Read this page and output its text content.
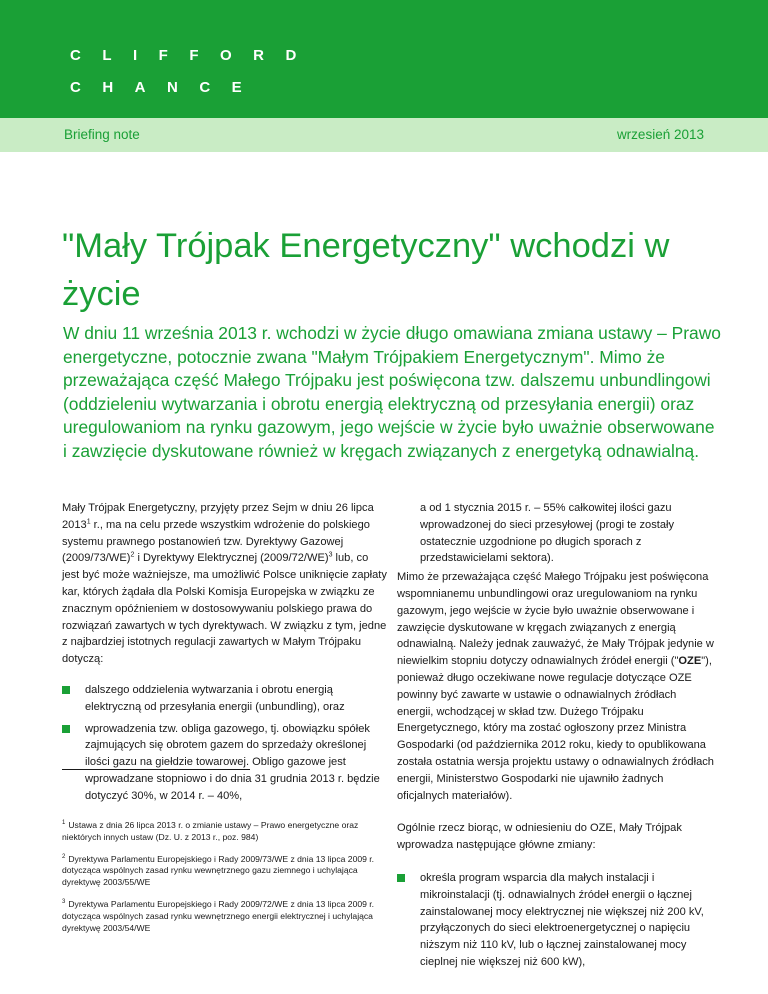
CLIFFORD
CHANCE
Briefing note	wrzesień 2013
"Mały Trójpak Energetyczny" wchodzi w życie

W dniu 11 września 2013 r. wchodzi w życie długo omawiana zmiana ustawy – Prawo energetyczne, potocznie zwana "Małym Trójpakiem Energetycznym". Mimo że przeważająca część Małego Trójpaku jest poświęcona tzw. dalszemu unbundlingowi (oddzieleniu wytwarzania i obrotu energią elektryczną od przesyłania energii) oraz uregulowaniom na rynku gazowym, jego wejście w życie było uważnie obserwowane i zawzięcie dyskutowane również w kręgach związanych z energetyką odnawialną.

Mały Trójpak Energetyczny, przyjęty przez Sejm w dniu 26 lipca 2013$^1$ r., ma na celu przede wszystkim wdrożenie do polskiego systemu prawnego postanowień tzw. Dyrektywy Gazowej $(2009/73/WE)^2$ i Dyrektywy Elektrycznej $(2009/72/WE)^3$ lub, co jest być może ważniejsze, ma umożliwić Polsce uniknięcie zapłaty kar, których żądała dla Polski Komisja Europejska w związku ze znacznym opóźnieniem w dostosowywaniu polskiego prawa do rozwiązań zawartych w tych dyrektywach. W związku z tym, jedne z najbardziej istotnych regulacji zawartych w Małym Trójpaku dotyczą:

dalszego oddzielenia wytwarzania i obrotu energią elektryczną od przesyłania energii (unbundling), oraz
wprowadzenia tzw. obliga gazowego, tj. obowiązku spółek zajmujących się obrotem gazem do sprzedaży określonej ilości gazu na giełdzie towarowej. Obligo gazowe jest wprowadzane stopniowo i do dnia 31 grudnia 2013 r. będzie dotyczyć 30%, w 2014 r. – 40%,

$^1$ Ustawa z dnia 26 lipca 2013 r. o zmianie ustawy – Prawo energetyczne oraz niektórych innych ustaw (Dz. U. z 2013 r., poz. 984)

$^2$ Dyrektywa Parlamentu Europejskiego i Rady 2009/73/WE z dnia 13 lipca 2009 r. dotycząca wspólnych zasad rynku wewnętrznego gazu ziemnego i uchylająca dyrektywę 2003/55/WE

$^3$ Dyrektywa Parlamentu Europejskiego i Rady 2009/72/WE z dnia 13 lipca 2009 r. dotycząca wspólnych zasad rynku wewnętrznego energii elektrycznej i uchylająca dyrektywę 2003/54/WE

a od 1 stycznia 2015 r. – 55% całkowitej ilości gazu wprowadzonej do sieci przesyłowej (progi te zostały ostatecznie uzgodnione po długich sporach z przedstawicielami sektora).

Mimo że przeważająca część Małego Trójpaku jest poświęcona wspomnianemu unbundlingowi oraz uregulowaniom na rynku gazowym, jego wejście w życie było uważnie obserwowane i zawzięcie dyskutowane w kręgach związanych z energią odnawialną. Należy jednak zauważyć, że Mały Trójpak jedynie w niewielkim stopniu dotyczy odnawialnych źródeł energii ("OZE"), ponieważ długo oczekiwane nowe regulacje dotyczące OZE powinny być zawarte w ustawie o odnawialnych źródłach energii, wchodzącej w skład tzw. Dużego Trójpaku Energetycznego, który ma zostać ogłoszony przez Ministra Gospodarki (od października 2012 roku, kiedy to opublikowana została ostatnia wersja projektu ustawy o odnawialnych źródłach energii, Ministerstwo Gospodarki nie ujawniło żadnych oficjalnych materiałów).

Ogólnie rzecz biorąc, w odniesieniu do OZE, Mały Trójpak wprowadza następujące główne zmiany:

określa program wsparcia dla małych instalacji i mikroinstalacji (tj. odnawialnych źródeł energii o łącznej zainstalowanej mocy elektrycznej nie większej niż 200 kV, przyłączonych do sieci elektroenergetycznej o napięciu niższym niż 110 kV, lub o łącznej zainstalowanej mocy cieplnej nie większej niż 600 kW),
